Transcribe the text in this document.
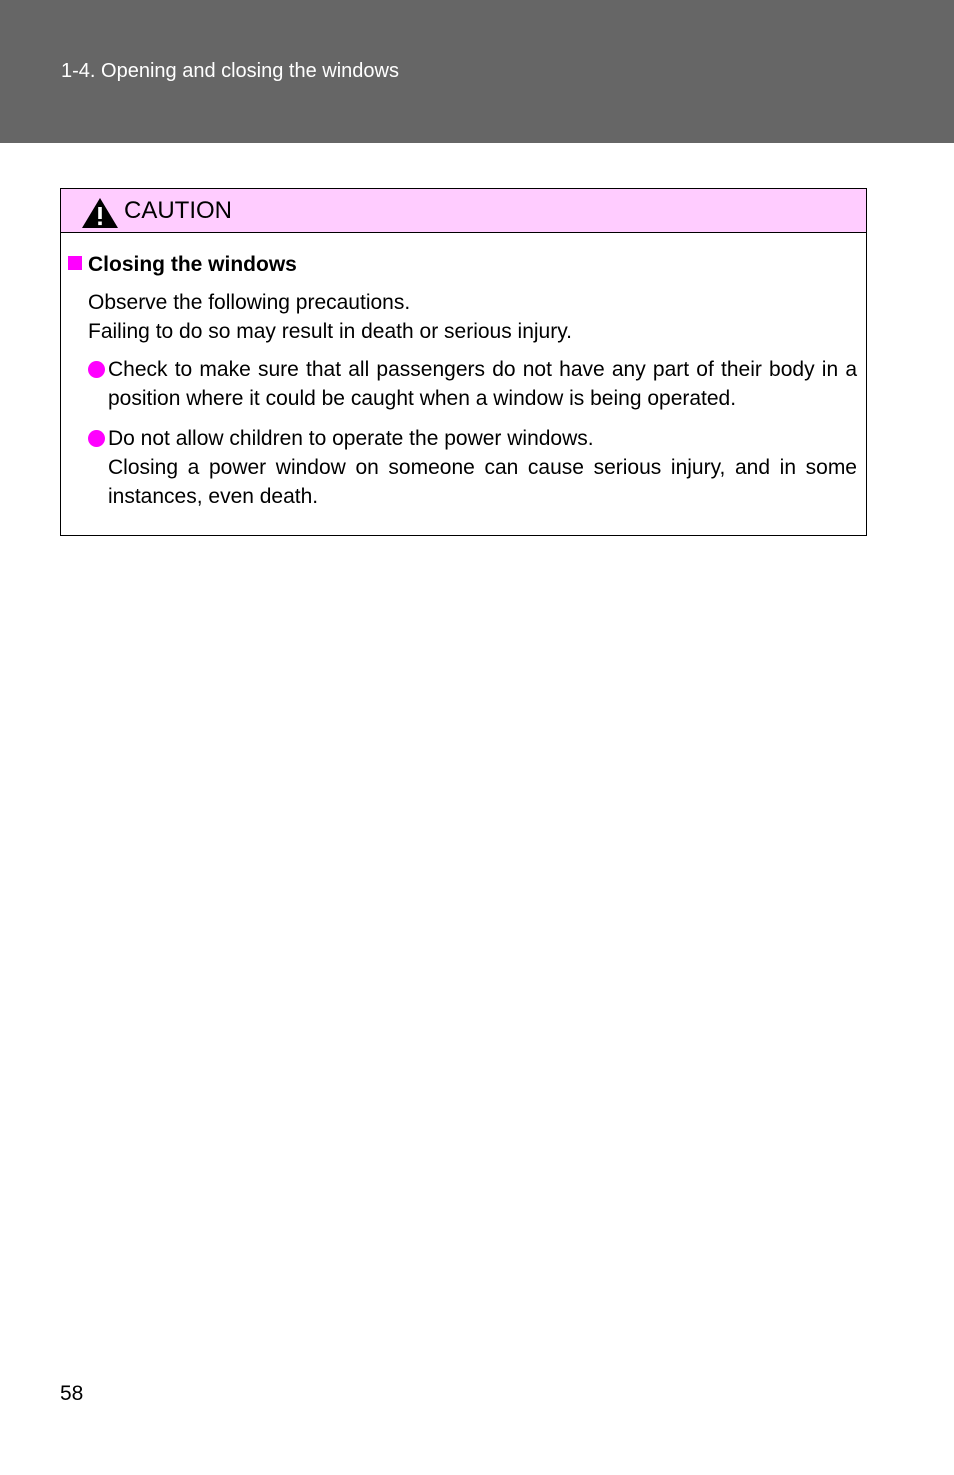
1-4. Opening and closing the windows
CAUTION
Closing the windows

Observe the following precautions.

Failing to do so may result in death or serious injury.

Check to make sure that all passengers do not have any part of their body in a position where it could be caught when a window is being operated.

Do not allow children to operate the power windows.

Closing a power window on someone can cause serious injury, and in some instances, even death.

58
